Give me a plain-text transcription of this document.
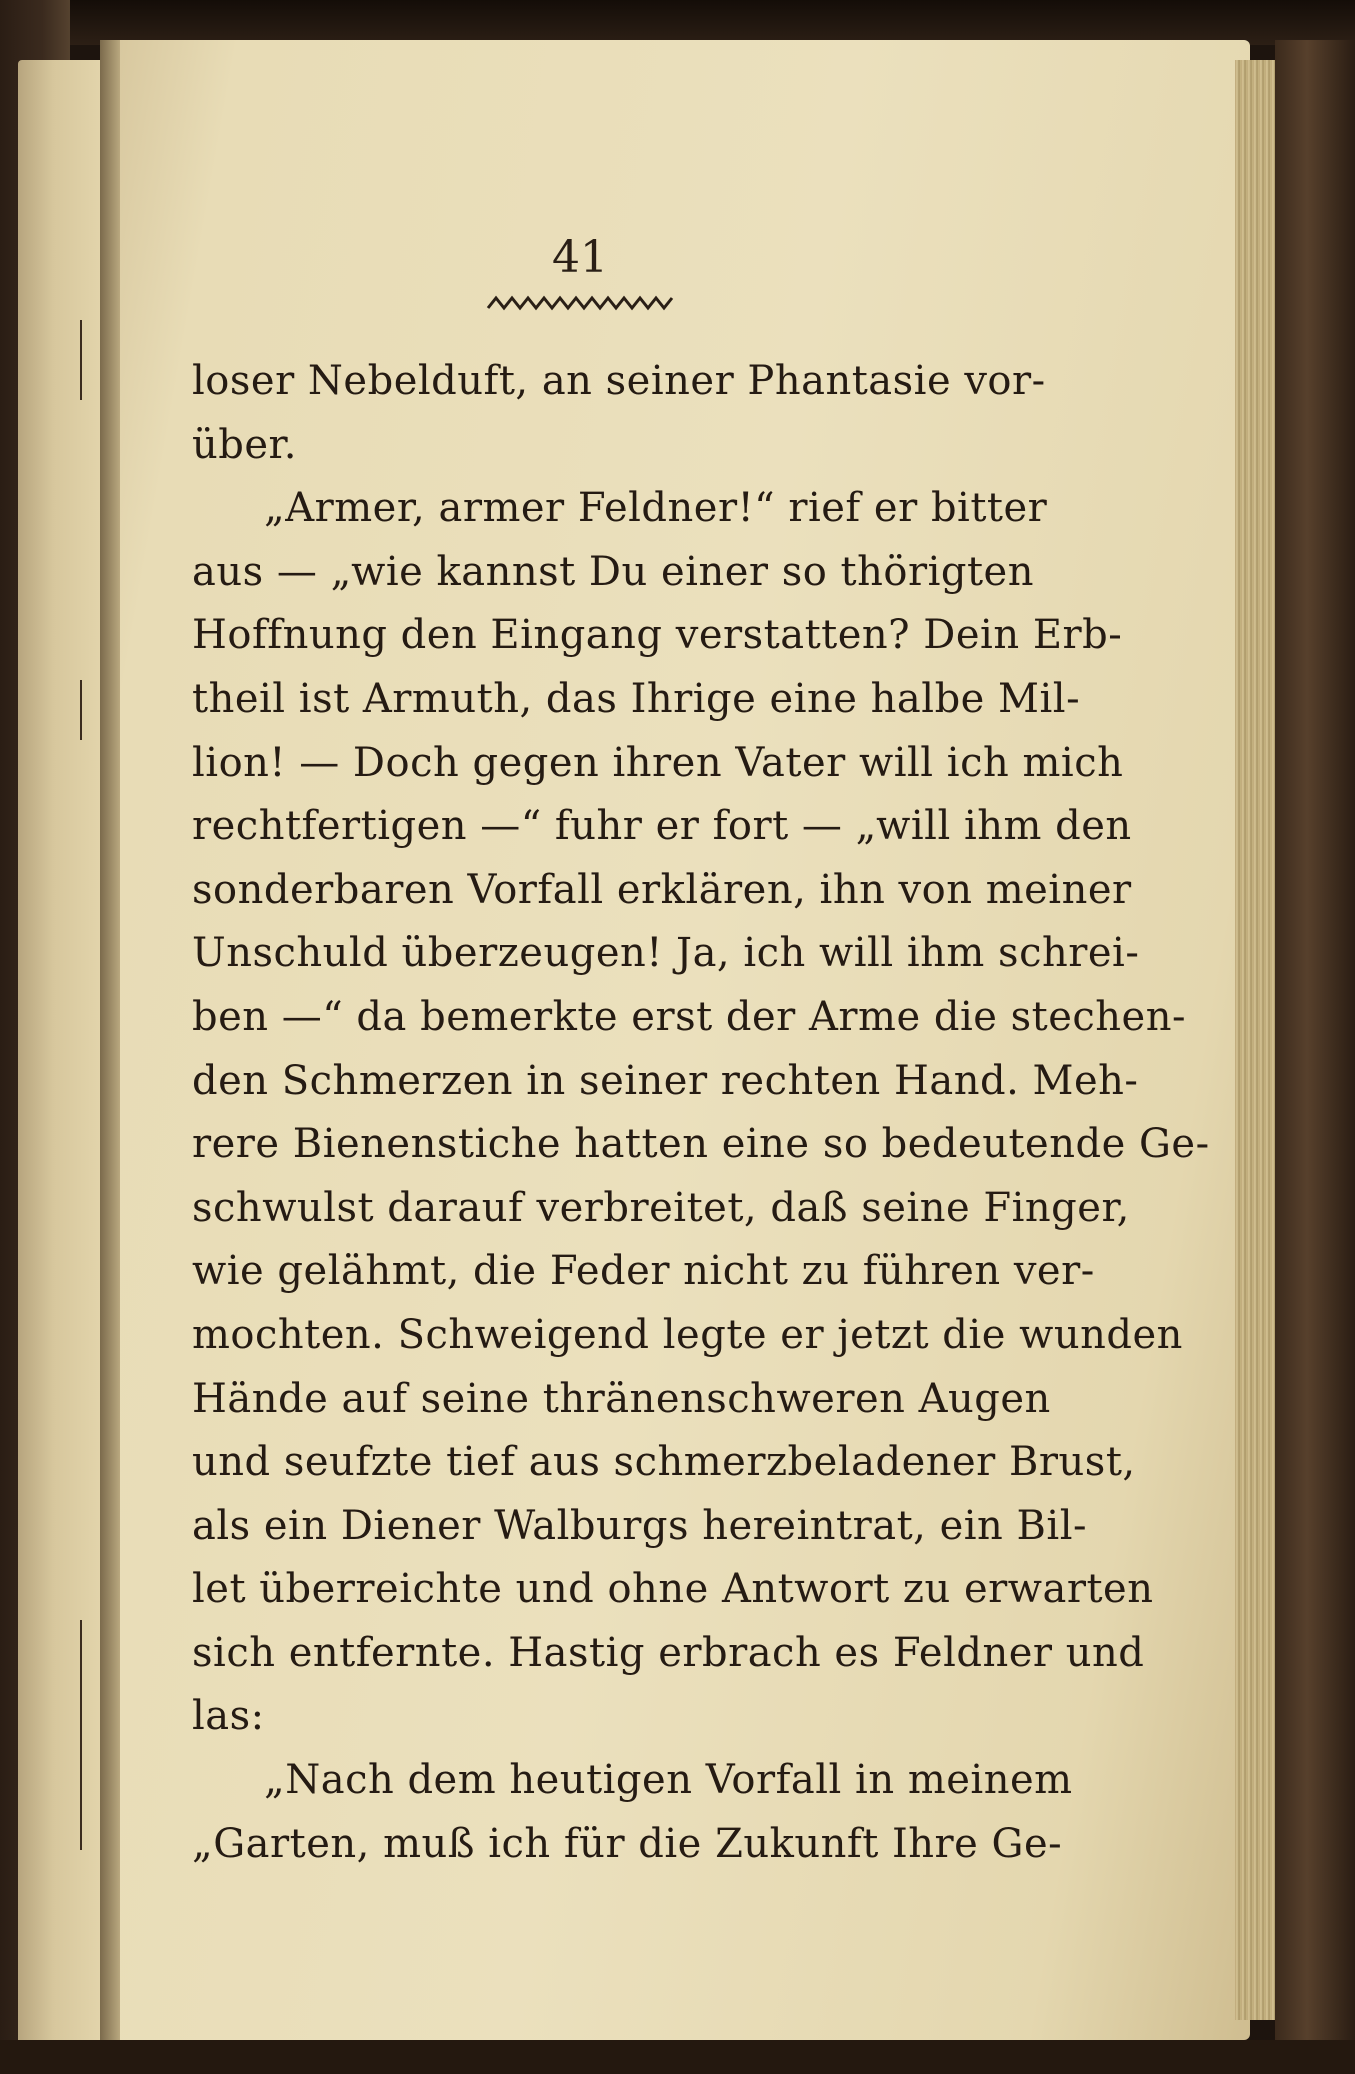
41
loser Nebelduft, an seiner Phantasie vor-
über.
„Armer, armer Feldner!“ rief er bitter
aus — „wie kannst Du einer so thörigten
Hoffnung den Eingang verstatten? Dein Erb-
theil ist Armuth, das Ihrige eine halbe Mil-
lion! — Doch gegen ihren Vater will ich mich
rechtfertigen —“ fuhr er fort — „will ihm den
sonderbaren Vorfall erklären, ihn von meiner
Unschuld überzeugen! Ja, ich will ihm schrei-
ben —“ da bemerkte erst der Arme die stechen-
den Schmerzen in seiner rechten Hand. Meh-
rere Bienenstiche hatten eine so bedeutende Ge-
schwulst darauf verbreitet, daß seine Finger,
wie gelähmt, die Feder nicht zu führen ver-
mochten. Schweigend legte er jetzt die wunden
Hände auf seine thränenschweren Augen
und seufzte tief aus schmerzbeladener Brust,
als ein Diener Walburgs hereintrat, ein Bil-
let überreichte und ohne Antwort zu erwarten
sich entfernte. Hastig erbrach es Feldner und
las:
„Nach dem heutigen Vorfall in meinem
„Garten, muß ich für die Zukunft Ihre Ge-
